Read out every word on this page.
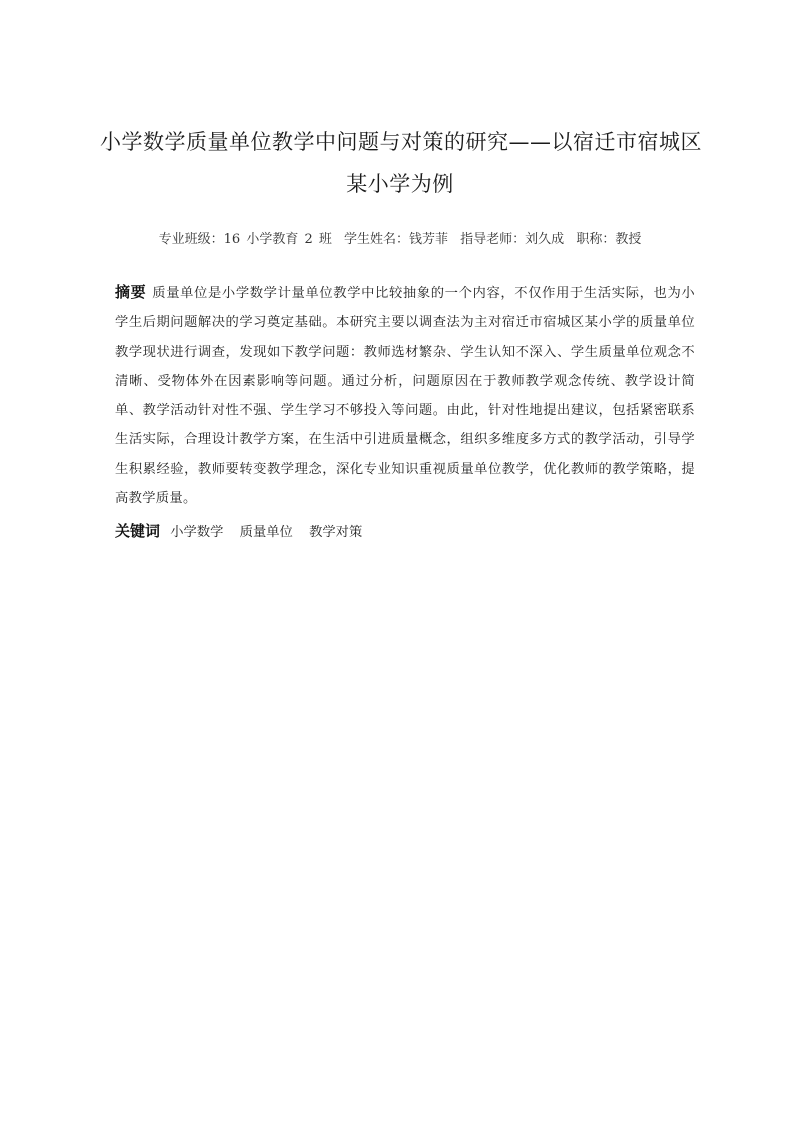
小学数学质量单位教学中问题与对策的研究——以宿迁市宿城区
某小学为例
专业班级：16 小学教育 2 班 学生姓名：钱芳菲 指导老师：刘久成 职称：教授
摘要 质量单位是小学数学计量单位教学中比较抽象的一个内容，不仅作用于生活实际，也为小学生后期问题解决的学习奠定基础。本研究主要以调查法为主对宿迁市宿城区某小学的质量单位教学现状进行调查，发现如下教学问题：教师选材繁杂、学生认知不深入、学生质量单位观念不清晰、受物体外在因素影响等问题。通过分析，问题原因在于教师教学观念传统、教学设计简单、教学活动针对性不强、学生学习不够投入等问题。由此，针对性地提出建议，包括紧密联系生活实际，合理设计教学方案，在生活中引进质量概念，组织多维度多方式的教学活动，引导学生积累经验，教师要转变教学理念，深化专业知识重视质量单位教学，优化教师的教学策略，提高教学质量。
关键词 小学数学 质量单位 教学对策
